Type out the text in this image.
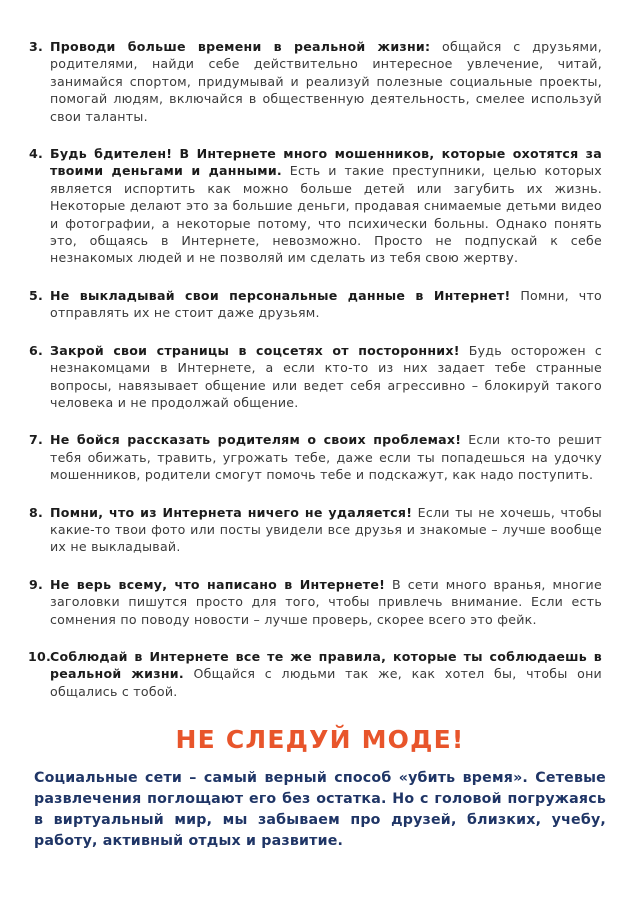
3. Проводи больше времени в реальной жизни: общайся с друзьями, родителями, найди себе действительно интересное увлечение, читай, занимайся спортом, придумывай и реализуй полезные социальные проекты, помогай людям, включайся в общественную деятельность, смелее используй свои таланты.
4. Будь бдителен! В Интернете много мошенников, которые охотятся за твоими деньгами и данными. Есть и такие преступники, целью которых является испортить как можно больше детей или загубить их жизнь. Некоторые делают это за большие деньги, продавая снимаемые детьми видео и фотографии, а некоторые потому, что психически больны. Однако понять это, общаясь в Интернете, невозможно. Просто не подпускай к себе незнакомых людей и не позволяй им сделать из тебя свою жертву.
5. Не выкладывай свои персональные данные в Интернет! Помни, что отправлять их не стоит даже друзьям.
6. Закрой свои страницы в соцсетях от посторонних! Будь осторожен с незнакомцами в Интернете, а если кто-то из них задает тебе странные вопросы, навязывает общение или ведет себя агрессивно – блокируй такого человека и не продолжай общение.
7. Не бойся рассказать родителям о своих проблемах! Если кто-то решит тебя обижать, травить, угрожать тебе, даже если ты попадешься на удочку мошенников, родители смогут помочь тебе и подскажут, как надо поступить.
8. Помни, что из Интернета ничего не удаляется! Если ты не хочешь, чтобы какие-то твои фото или посты увидели все друзья и знакомые – лучше вообще их не выкладывай.
9. Не верь всему, что написано в Интернете! В сети много вранья, многие заголовки пишутся просто для того, чтобы привлечь внимание. Если есть сомнения по поводу новости – лучше проверь, скорее всего это фейк.
10.
Соблюдай в Интернете все те же правила, которые ты соблюдаешь в реальной жизни. Общайся с людьми так же, как хотел бы, чтобы они общались с тобой.
НЕ СЛЕДУЙ МОДЕ!

Социальные сети – самый верный способ «убить время». Сетевые развлечения поглощают его без остатка. Но с головой погружаясь в виртуальный мир, мы забываем про друзей, близких, учебу, работу, активный отдых и развитие.
